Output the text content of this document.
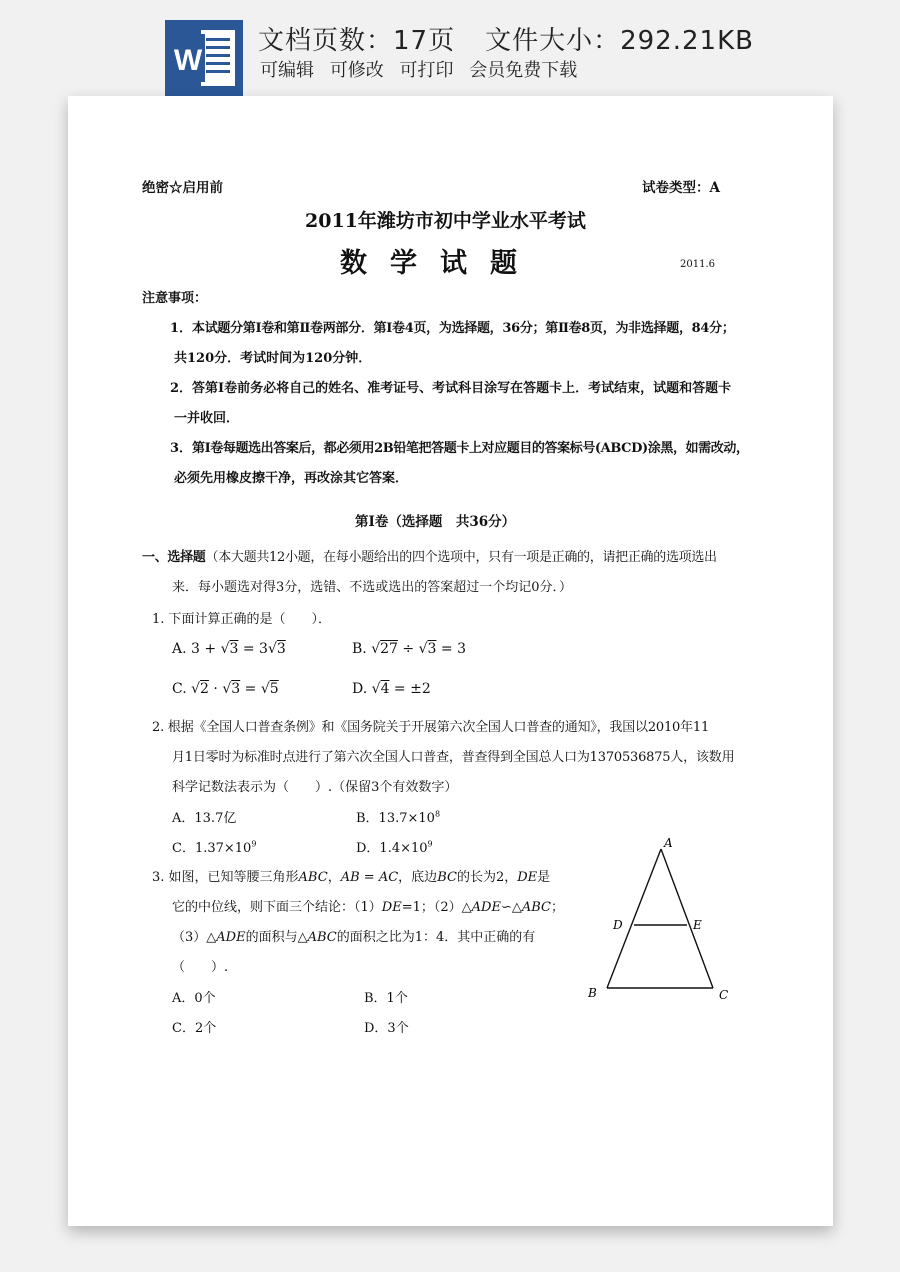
W
文档页数：17页 文件大小：292.21KB
可编辑 可修改 可打印 会员免费下载
绝密☆启用前	试卷类型：A
2011年潍坊市初中学业水平考试
数学试题	2011.6
注意事项：
1． 本试题分第Ⅰ卷和第Ⅱ卷两部分．第Ⅰ卷4页，为选择题，36分；第Ⅱ卷8页，为非选择题，84分；
共120分．考试时间为120分钟．
2． 答第Ⅰ卷前务必将自己的姓名、准考证号、考试科目涂写在答题卡上．考试结束，试题和答题卡
一并收回．
3． 第Ⅰ卷每题选出答案后，都必须用2B铅笔把答题卡上对应题目的答案标号(ABCD)涂黑，如需改动，
必须先用橡皮擦干净，再改涂其它答案．
第Ⅰ卷（选择题　共36分）
一、选择题（本大题共12小题，在每小题给出的四个选项中，只有一项是正确的，请把正确的选项选出
来．每小题选对得3分，选错、不选或选出的答案超过一个均记0分．）
1. 下面计算正确的是（　　）．
A. 3 + √3 = 3√3	B. √27 ÷ √3 = 3
C. √2 · √3 = √5	D. √4 = ±2
2. 根据《全国人口普查条例》和《国务院关于开展第六次全国人口普查的通知》，我国以2010年11
月1日零时为标准时点进行了第六次全国人口普查，普查得到全国总人口为1370536875人，该数用
科学记数法表示为（　　）.（保留3个有效数字）
A．13.7亿	B．$13.7\times 10^8$
C．$1.37\times 10^9$	D．$1.4\times 10^9$
3. 如图，已知等腰三角形ABC，AB = AC，底边BC的长为2，DE是
它的中位线，则下面三个结论：（1）DE=1；（2）△ADE∽△ABC；
（3）△ADE的面积与△ABC的面积之比为1：4．其中正确的有
（　　）.
A．0个	B．1个
C．2个	D．3个
A
D	E
B	C
